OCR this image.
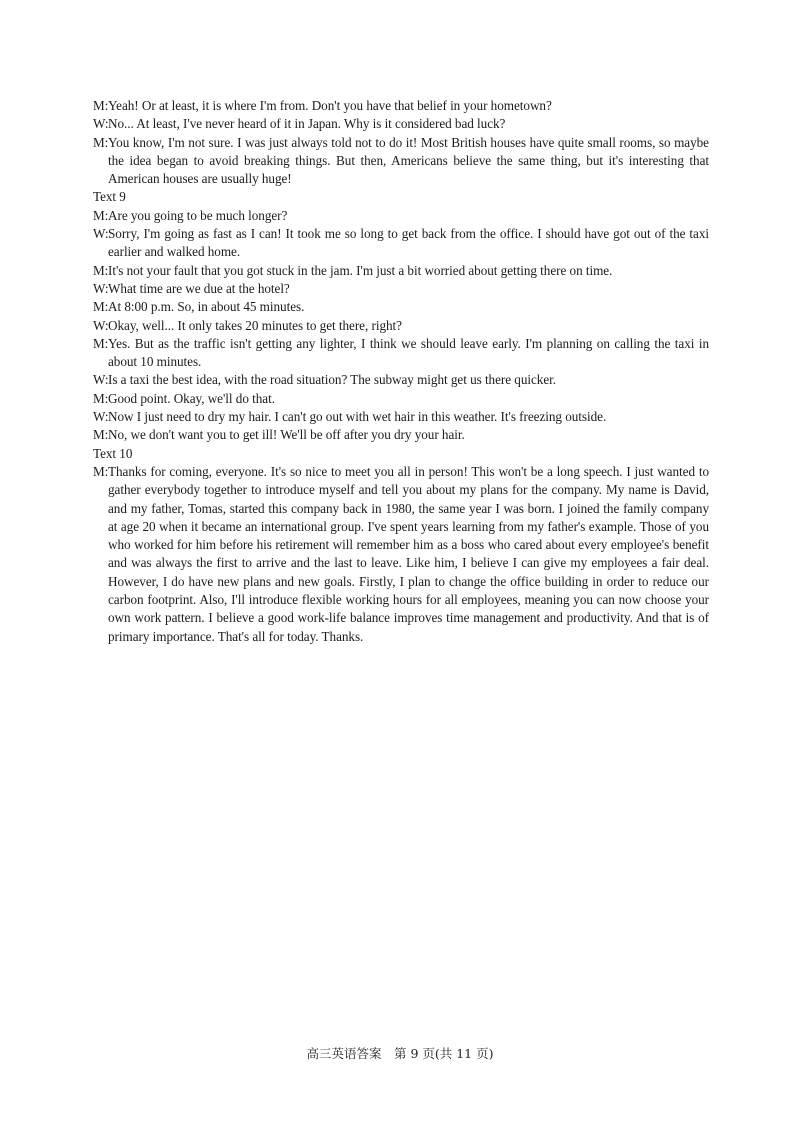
M: Yeah! Or at least, it is where I'm from. Don't you have that belief in your hometown?
W: No... At least, I've never heard of it in Japan. Why is it considered bad luck?
M: You know, I'm not sure. I was just always told not to do it! Most British houses have quite small rooms, so maybe the idea began to avoid breaking things. But then, Americans believe the same thing, but it's interesting that American houses are usually huge!
Text 9
M: Are you going to be much longer?
W: Sorry, I'm going as fast as I can! It took me so long to get back from the office. I should have got out of the taxi earlier and walked home.
M: It's not your fault that you got stuck in the jam. I'm just a bit worried about getting there on time.
W: What time are we due at the hotel?
M: At 8:00 p.m. So, in about 45 minutes.
W: Okay, well... It only takes 20 minutes to get there, right?
M: Yes. But as the traffic isn't getting any lighter, I think we should leave early. I'm planning on calling the taxi in about 10 minutes.
W: Is a taxi the best idea, with the road situation? The subway might get us there quicker.
M: Good point. Okay, we'll do that.
W: Now I just need to dry my hair. I can't go out with wet hair in this weather. It's freezing outside.
M: No, we don't want you to get ill! We'll be off after you dry your hair.
Text 10
M: Thanks for coming, everyone. It's so nice to meet you all in person! This won't be a long speech. I just wanted to gather everybody together to introduce myself and tell you about my plans for the company. My name is David, and my father, Tomas, started this company back in 1980, the same year I was born. I joined the family company at age 20 when it became an international group. I've spent years learning from my father's example. Those of you who worked for him before his retirement will remember him as a boss who cared about every employee's benefit and was always the first to arrive and the last to leave. Like him, I believe I can give my employees a fair deal. However, I do have new plans and new goals. Firstly, I plan to change the office building in order to reduce our carbon footprint. Also, I'll introduce flexible working hours for all employees, meaning you can now choose your own work pattern. I believe a good work-life balance improves time management and productivity. And that is of primary importance. That's all for today. Thanks.
高三英语答案　第 9 页(共 11 页)
